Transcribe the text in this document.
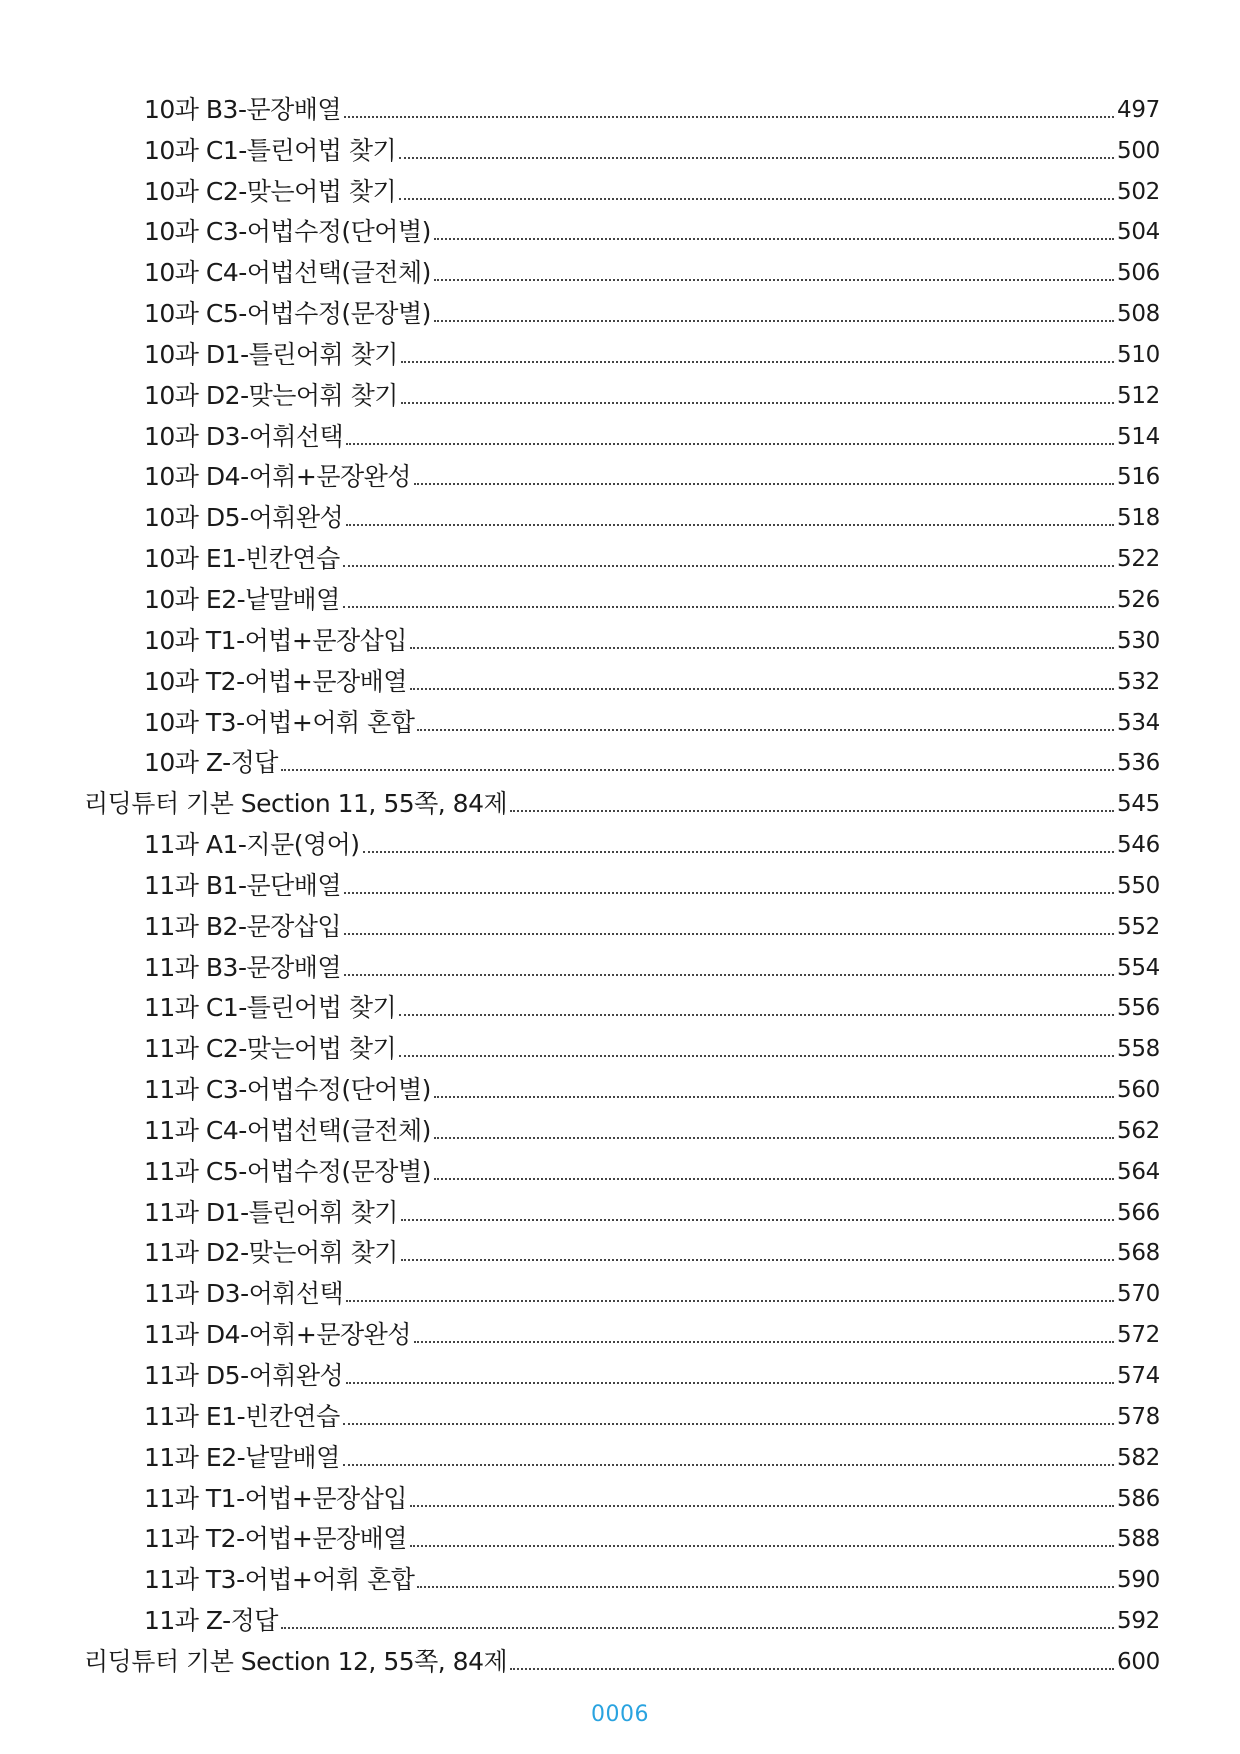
10과 B3-문장배열	497
10과 C1-틀린어법 찾기	500
10과 C2-맞는어법 찾기	502
10과 C3-어법수정(단어별)	504
10과 C4-어법선택(글전체)	506
10과 C5-어법수정(문장별)	508
10과 D1-틀린어휘 찾기	510
10과 D2-맞는어휘 찾기	512
10과 D3-어휘선택	514
10과 D4-어휘+문장완성	516
10과 D5-어휘완성	518
10과 E1-빈칸연습	522
10과 E2-낱말배열	526
10과 T1-어법+문장삽입	530
10과 T2-어법+문장배열	532
10과 T3-어법+어휘 혼합	534
10과 Z-정답	536
리딩튜터 기본 Section 11, 55쪽, 84제	545
11과 A1-지문(영어)	546
11과 B1-문단배열	550
11과 B2-문장삽입	552
11과 B3-문장배열	554
11과 C1-틀린어법 찾기	556
11과 C2-맞는어법 찾기	558
11과 C3-어법수정(단어별)	560
11과 C4-어법선택(글전체)	562
11과 C5-어법수정(문장별)	564
11과 D1-틀린어휘 찾기	566
11과 D2-맞는어휘 찾기	568
11과 D3-어휘선택	570
11과 D4-어휘+문장완성	572
11과 D5-어휘완성	574
11과 E1-빈칸연습	578
11과 E2-낱말배열	582
11과 T1-어법+문장삽입	586
11과 T2-어법+문장배열	588
11과 T3-어법+어휘 혼합	590
11과 Z-정답	592
리딩튜터 기본 Section 12, 55쪽, 84제	600
0006
